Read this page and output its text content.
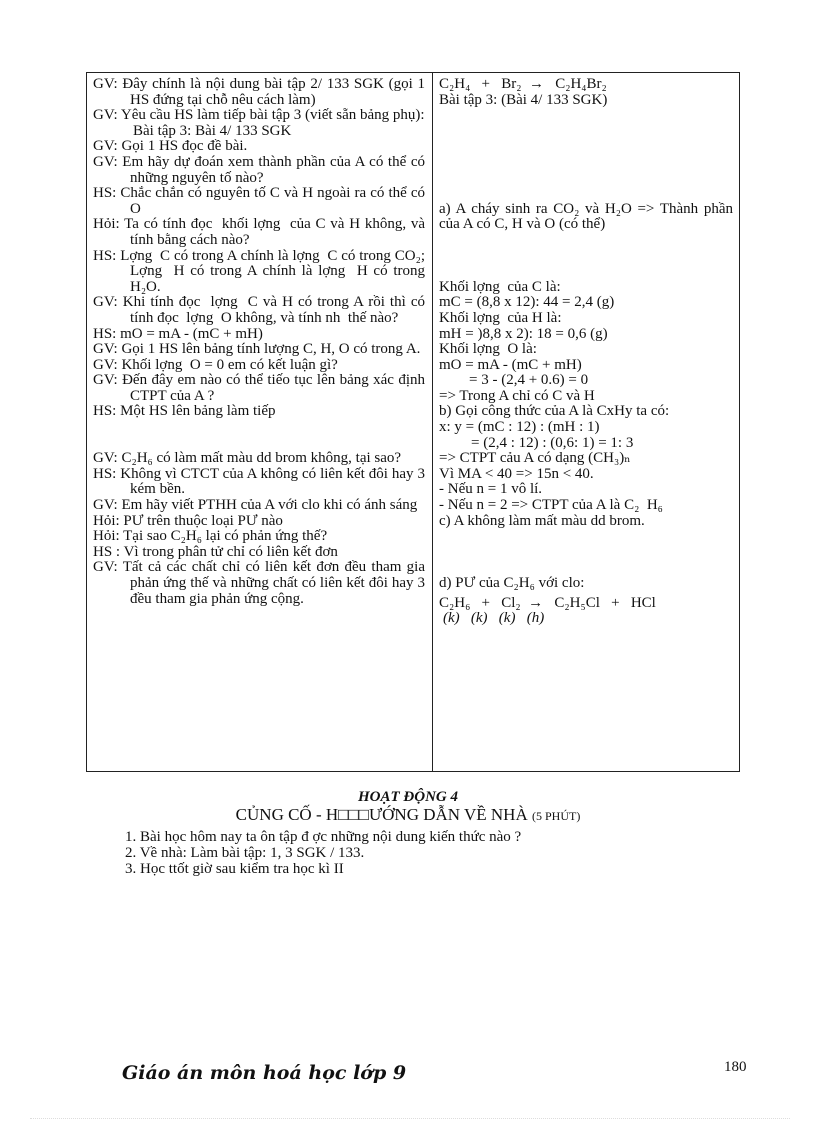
GV: Đây chính là nội dung bài tập 2/ 133 SGK (gọi 1 HS đứng tại chỗ nêu cách làm)

GV: Yêu cầu HS làm tiếp bài tập 3 (viết sẵn bảng phụ):

Bài tập 3: Bài 4/ 133 SGK

GV: Gọi 1 HS đọc đề bài.

GV: Em hãy dự đoán xem thành phần của A có thể có những nguyên tố nào?

HS: Chắc chắn có nguyên tố C và H ngoài ra có thể có O

Hỏi: Ta có tính đọc  khối lợng  của C và H không, và tính bằng cách nào?

HS: Lợng  C có trong A chính là lợng  C có trong CO₂; Lợng  H có trong A chính là lợng  H có trong H₂O.

GV: Khi tính đọc  lợng  C và H có trong A rồi thì có tính đọc  lợng  O không, và tính nh  thế nào?

HS: mO = mA - (mC + mH)

GV: Gọi 1 HS lên bảng tính lượng C, H, O có trong A.

GV: Khối lợng  O = 0 em có kết luận gì?

GV: Đến đây em nào có thể tiếo tục lên bảng xác định CTPT của A ?

HS: Một HS lên bảng làm tiếp

GV: C₂H₆ có làm mất màu dd brom không, tại sao?

HS: Không vì CTCT của A không có liên kết đôi hay 3 kém bền.

GV: Em hãy viết PTHH của A với clo khi có ánh sáng

Hỏi: PƯ trên thuộc loại PƯ nào

Hỏi: Tại sao C₂H₆ lại có phản ứng thế?

HS : Vì trong phân tử chỉ có liên kết đơn

GV: Tất cả các chất chỉ có liên kết đơn đều tham gia phản ứng thế và những chất có liên kết đôi hay 3 đều tham gia phản ứng cộng.

C₂H₄   +   Br₂  →   C₂H₄Br₂

Bài tập 3: (Bài 4/ 133 SGK)

a) A cháy sinh ra CO₂ và H₂O => Thành phần của A có C, H và O (có thể)

Khối lợng  của C là:

mC = (8,8 x 12): 44 = 2,4 (g)

Khối lợng  của H là:

mH = )8,8 x 2): 18 = 0,6 (g)

Khối lợng  O là:

mO = mA - (mC + mH)

= 3 - (2,4 + 0.6) = 0

=> Trong A chỉ có C và H

b) Gọi công thức của A là CxHy ta có:

x: y = (mC : 12) : (mH : 1)

= (2,4 : 12) : (0,6: 1) = 1: 3

=> CTPT cảu A có dạng (CH₃)ₙ

Vì MA < 40 => 15n < 40.

- Nếu n = 1 vô lí.

- Nếu n = 2 => CTPT của A là C₂  H₆

c) A không làm mất màu dd brom.

d) PƯ của C₂H₆ với clo:

C₂H₆   +   Cl₂  →   C₂H₅Cl   +   HCl

(k)   (k)   (k)   (h)

HOẠT ĐỘNG 4
CỦNG CỐ - H□□□ƯỚNG DẪN VỀ NHÀ (5 PHÚT)

1. Bài học hôm nay ta ôn tập đ ợc những nội dung kiến thức nào ?

2. Về nhà: Làm bài tập: 1, 3 SGK / 133.

3. Học ttốt giờ sau kiểm tra học kì II

Giáo án môn hoá học lớp 9	180
